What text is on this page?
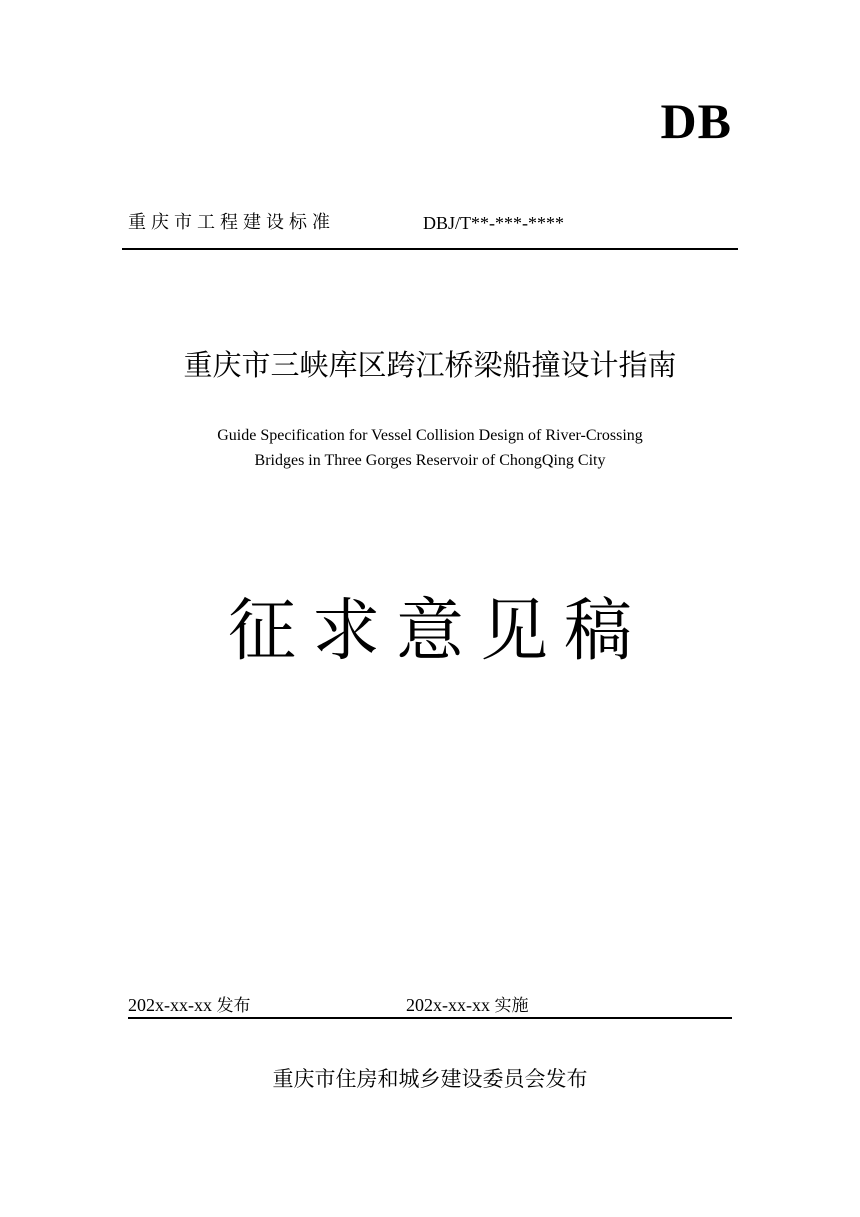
DB
重庆市工程建设标准	DBJ/T**-***-****
重庆市三峡库区跨江桥梁船撞设计指南
Guide Specification for Vessel Collision Design of River-Crossing
Bridges in Three Gorges Reservoir of ChongQing City
征求意见稿
202x-xx-xx 发布	202x-xx-xx 实施
重庆市住房和城乡建设委员会发布
